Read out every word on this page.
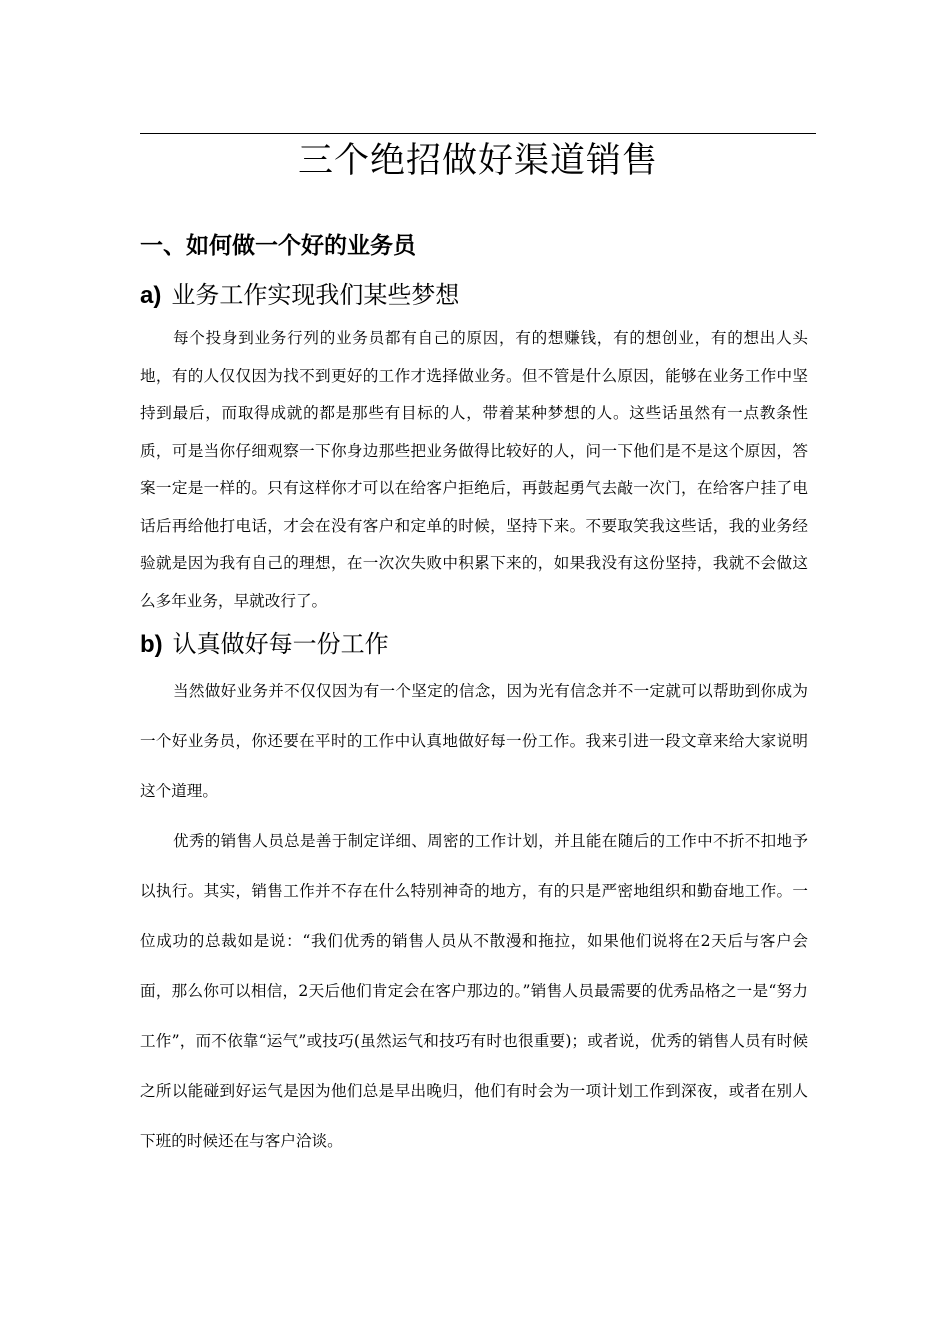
三个绝招做好渠道销售
一、如何做一个好的业务员
a) 业务工作实现我们某些梦想

每个投身到业务行列的业务员都有自己的原因，有的想赚钱，有的想创业，有的想出人头地，有的人仅仅因为找不到更好的工作才选择做业务。但不管是什么原因，能够在业务工作中坚持到最后，而取得成就的都是那些有目标的人，带着某种梦想的人。这些话虽然有一点教条性质，可是当你仔细观察一下你身边那些把业务做得比较好的人，问一下他们是不是这个原因，答案一定是一样的。只有这样你才可以在给客户拒绝后，再鼓起勇气去敲一次门，在给客户挂了电话后再给他打电话，才会在没有客户和定单的时候，坚持下来。不要取笑我这些话，我的业务经验就是因为我有自己的理想，在一次次失败中积累下来的，如果我没有这份坚持，我就不会做这么多年业务，早就改行了。

b) 认真做好每一份工作

当然做好业务并不仅仅因为有一个坚定的信念，因为光有信念并不一定就可以帮助到你成为一个好业务员，你还要在平时的工作中认真地做好每一份工作。我来引进一段文章来给大家说明这个道理。

优秀的销售人员总是善于制定详细、周密的工作计划，并且能在随后的工作中不折不扣地予以执行。其实，销售工作并不存在什么特别神奇的地方，有的只是严密地组织和勤奋地工作。一位成功的总裁如是说：“我们优秀的销售人员从不散漫和拖拉，如果他们说将在2天后与客户会面，那么你可以相信，2天后他们肯定会在客户那边的。”销售人员最需要的优秀品格之一是“努力工作”，而不依靠“运气”或技巧(虽然运气和技巧有时也很重要)；或者说，优秀的销售人员有时候之所以能碰到好运气是因为他们总是早出晚归，他们有时会为一项计划工作到深夜，或者在别人下班的时候还在与客户洽谈。
